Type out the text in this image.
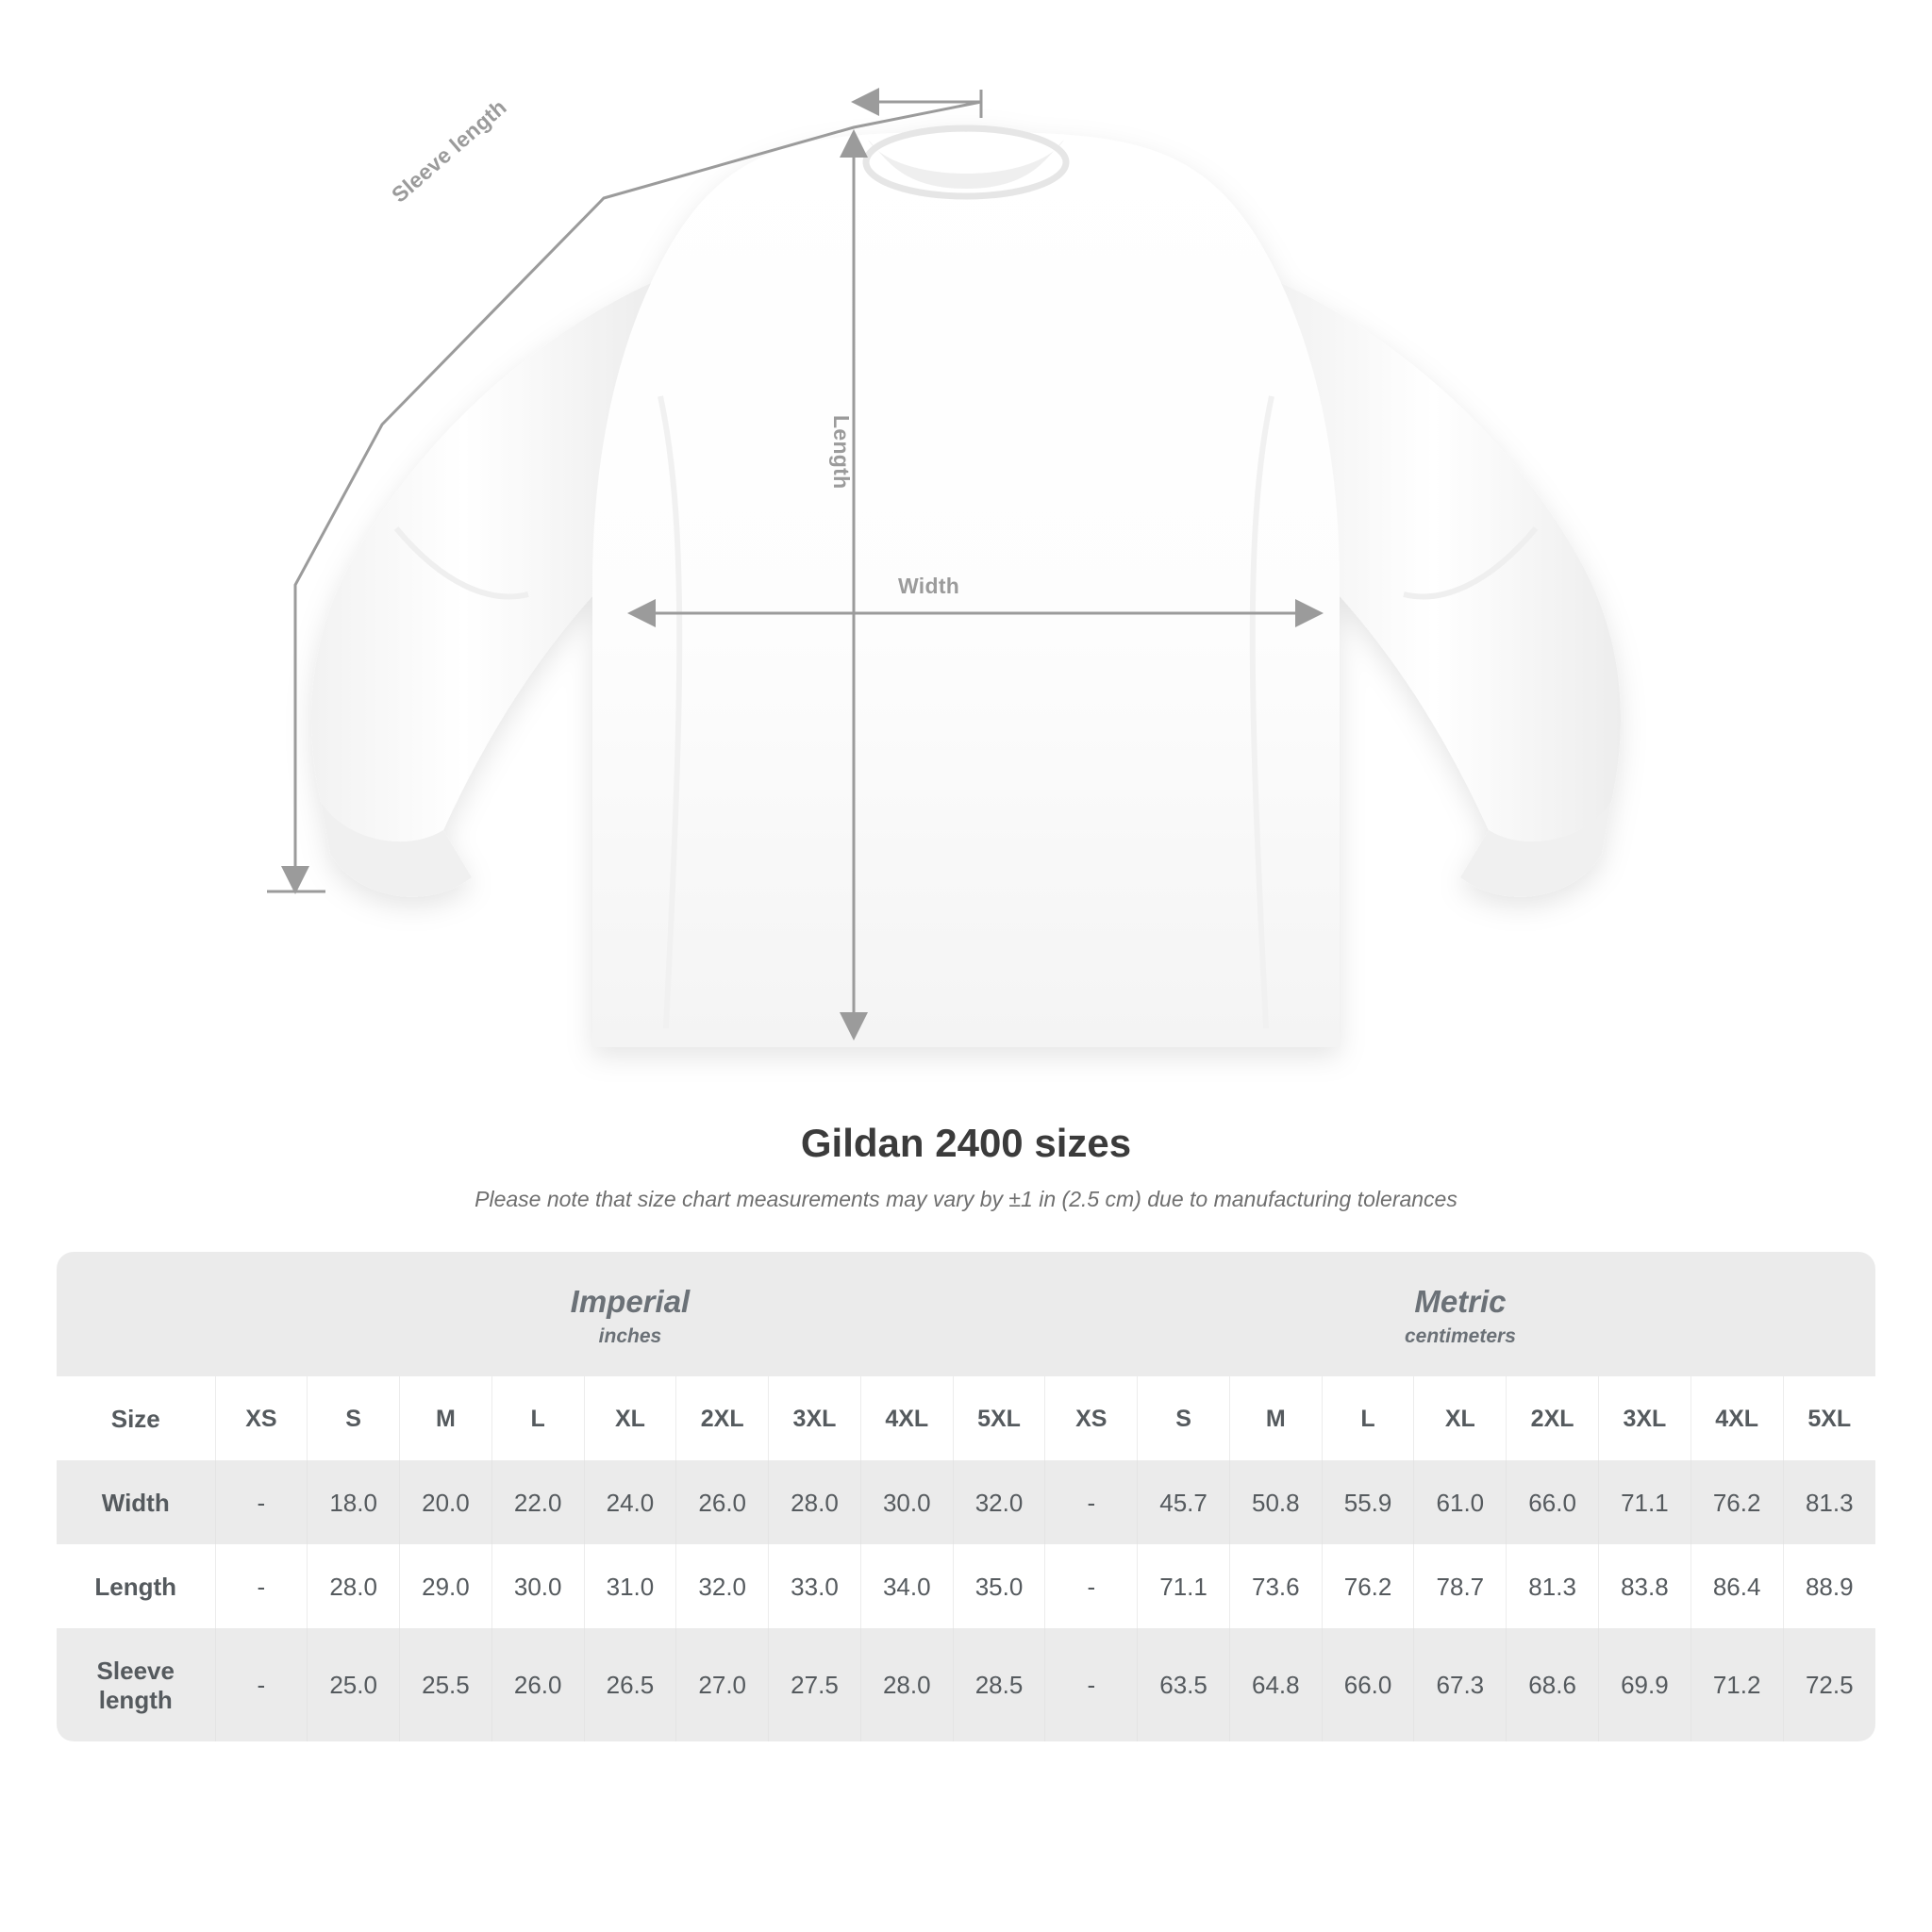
Width
Length
Sleeve length
Gildan 2400 sizes

Please note that size chart measurements may vary by ±1 in (2.5 cm) due to manufacturing tolerances

	Imperial
inches									Metric
centimeters								

Size	XS	S	M	L	XL	2XL	3XL	4XL	5XL	XS	S	M	L	XL	2XL	3XL	4XL	5XL
Width	-	18.0	20.0	22.0	24.0	26.0	28.0	30.0	32.0	-	45.7	50.8	55.9	61.0	66.0	71.1	76.2	81.3
Length	-	28.0	29.0	30.0	31.0	32.0	33.0	34.0	35.0	-	71.1	73.6	76.2	78.7	81.3	83.8	86.4	88.9
Sleeve length	-	25.0	25.5	26.0	26.5	27.0	27.5	28.0	28.5	-	63.5	64.8	66.0	67.3	68.6	69.9	71.2	72.5
